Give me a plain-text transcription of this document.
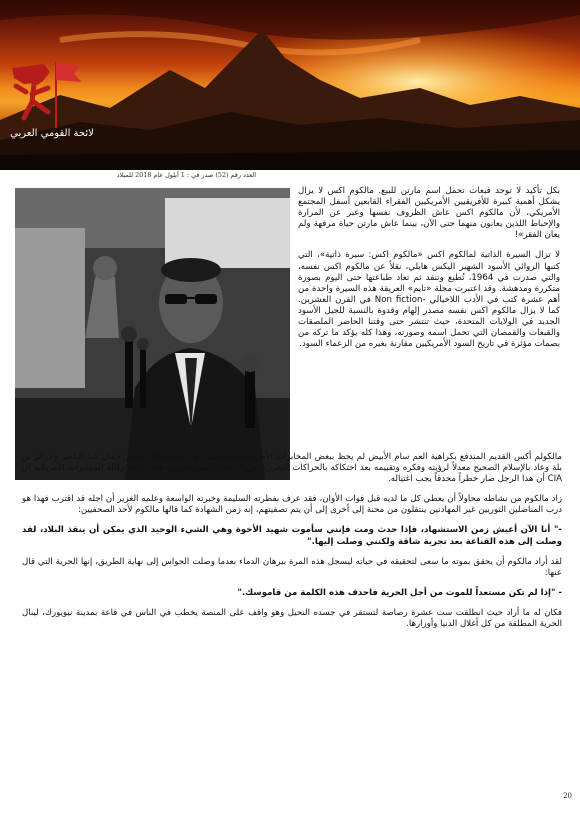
لائحة القومي العربي
العدد رقم (52) صدر في : 1 أيلول عام 2018 للميلاد

بكل تأكيد لا توجد قبعات تحمل اسم مارتن للبيع. مالكوم اكس لا يزال يشكل أهمية كبيرة للأفريقيين الأمريكيين الفقراء القابعين أسفل المجتمع الأمريكي، لأن مالكوم اكس عاش الظروف نفسها وعبر عن المرارة والإحباط اللذين يعانون منهما حتى الآن، بينما عاش مارتن حياة مرفهة ولم يعان الفقر»!

لا تزال السيرة الذاتية لمالكوم اكس «مالكوم اكس: سيرة ذاتية»، التي كتبها الروائي الأسود الشهير اليكس هايلي، نقلاً عن مالكوم اكس نفسه، والتي صدرت في 1964، تُطبع وتنفد ثم تعاد طباعتها حتى اليوم بصورة متكررة ومدهشة. وقد اعتبرت مجلة «تايم» العريقة هذه السيرة واحدة من أهم عشرة كتب في الأدب اللاخيالي -Non fiction في القرن العشرين. كما لا يزال مالكوم اكس نفسه مصدر إلهام وقدوة بالنسبة للجيل الأسود الجديد في الولايات المتحدة، حيث تنتشر حتى وقتنا الحاضر الملصقات والقبعات والقمصان التي تحمل اسمه وصورته، وهذا كله يؤكد ما تركه من بصمات مؤثرة في تاريخ السود الأمريكيين مقارنة بغيره من الزعماء السود.

مالكولم أكس القديم المندفع بكراهية العم سام الأبيض لم يحظ ببغض المخابرات الأمريكية كما حظي بها عندما سافر لمصر جمال عبد الناصر وجزائر بن بلة وعاد بالإسلام الصحيح معدلاً لرؤيته وفكره وتقييمه بعد احتكاكه بالحراكات التحررية من الرجل الأبيض الغربي، هنا عرفت وكالة المخابرات الأمريكية ال CIA أن هذا الرجل صار خطراً محدقاً يجب اغتياله.

زاد مالكوم من نشاطه محاولاً أن يعطي كل ما لديه قبل فوات الأوان، فقد عرف بفطرته السليمة وخبرته الواسعة وعلمه الغزير أن اجله قد اقترب فهذا هو درب المناضلين الثوريين غير المهادنين ينتقلون من محنة إلى أخرى إلى أن يتم تصفيتهم، إنه زمن الشهادة كما قالها مالكوم لأحد الصحفيين:

-" أنا الآن أعيش زمن الاستشهاد، فإذا حدث ومت فإنني سأموت شهيد الأخوة وهي الشيء الوحيد الذي يمكن أن ينقذ البلاد، لقد وصلت إلى هذه القناعة بعد تجربة شاقة ولكنني وصلت إليها."

لقد أراد مالكوم أن يحقق بموته ما سعى لتحقيقه في حياته ليسجل هذه المرة ببرهان الدماء بعدما وصلت الحواس إلى نهاية الطريق، إنها الحرية التي قال عنها:

- "إذا لم تكن مستعداً للموت من أجل الحرية فاحذف هذه الكلمة من قاموسك."

فكان له ما أراد حيث انطلقت ست عشرة رصاصة لتستقر في جسده النحيل وهو واقف على المنصة يخطب في الناس في قاعة بمدينة نيويورك، لينال الحرية المطلقة من كل أغلال الدنيا وأوزارها.

20
